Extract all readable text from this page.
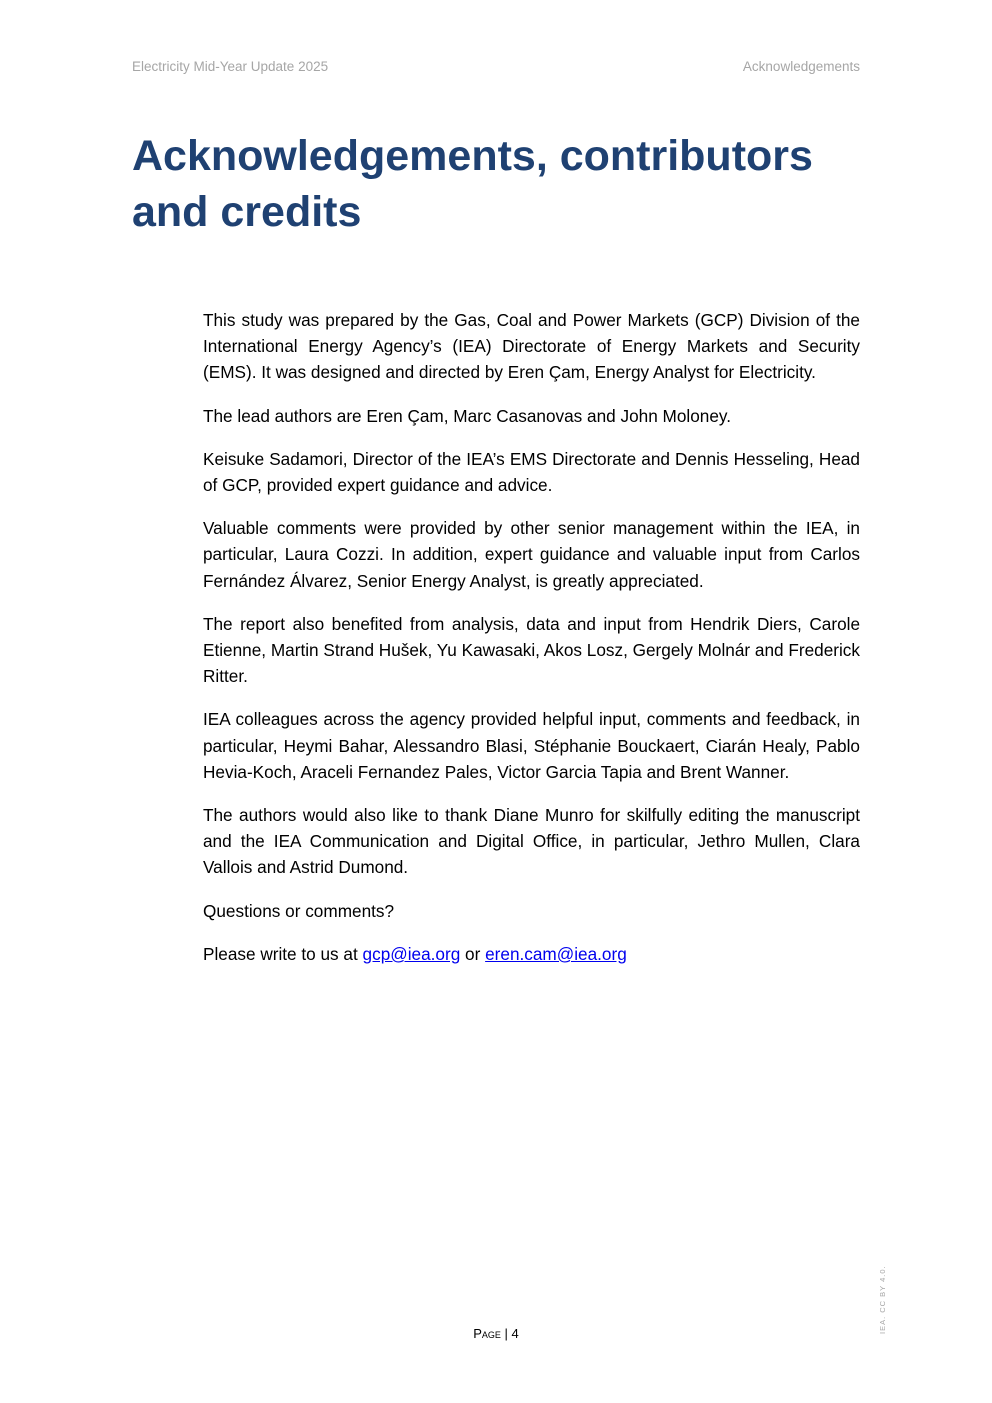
Electricity Mid-Year Update 2025	Acknowledgements
Acknowledgements, contributors
and credits

This study was prepared by the Gas, Coal and Power Markets (GCP) Division of the International Energy Agency’s (IEA) Directorate of Energy Markets and Security (EMS). It was designed and directed by Eren Çam, Energy Analyst for Electricity.

The lead authors are Eren Çam, Marc Casanovas and John Moloney.

Keisuke Sadamori, Director of the IEA’s EMS Directorate and Dennis Hesseling, Head of GCP, provided expert guidance and advice.

Valuable comments were provided by other senior management within the IEA, in particular, Laura Cozzi. In addition, expert guidance and valuable input from Carlos Fernández Álvarez, Senior Energy Analyst, is greatly appreciated.

The report also benefited from analysis, data and input from Hendrik Diers, Carole Etienne, Martin Strand Hušek, Yu Kawasaki, Akos Losz, Gergely Molnár and Frederick Ritter.

IEA colleagues across the agency provided helpful input, comments and feedback, in particular, Heymi Bahar, Alessandro Blasi, Stéphanie Bouckaert, Ciarán Healy, Pablo Hevia-Koch, Araceli Fernandez Pales, Victor Garcia Tapia and Brent Wanner.

The authors would also like to thank Diane Munro for skilfully editing the manuscript and the IEA Communication and Digital Office, in particular, Jethro Mullen, Clara Vallois and Astrid Dumond.

Questions or comments?

Please write to us at gcp@iea.org or eren.cam@iea.org

Page | 4	IEA. CC BY 4.0.
